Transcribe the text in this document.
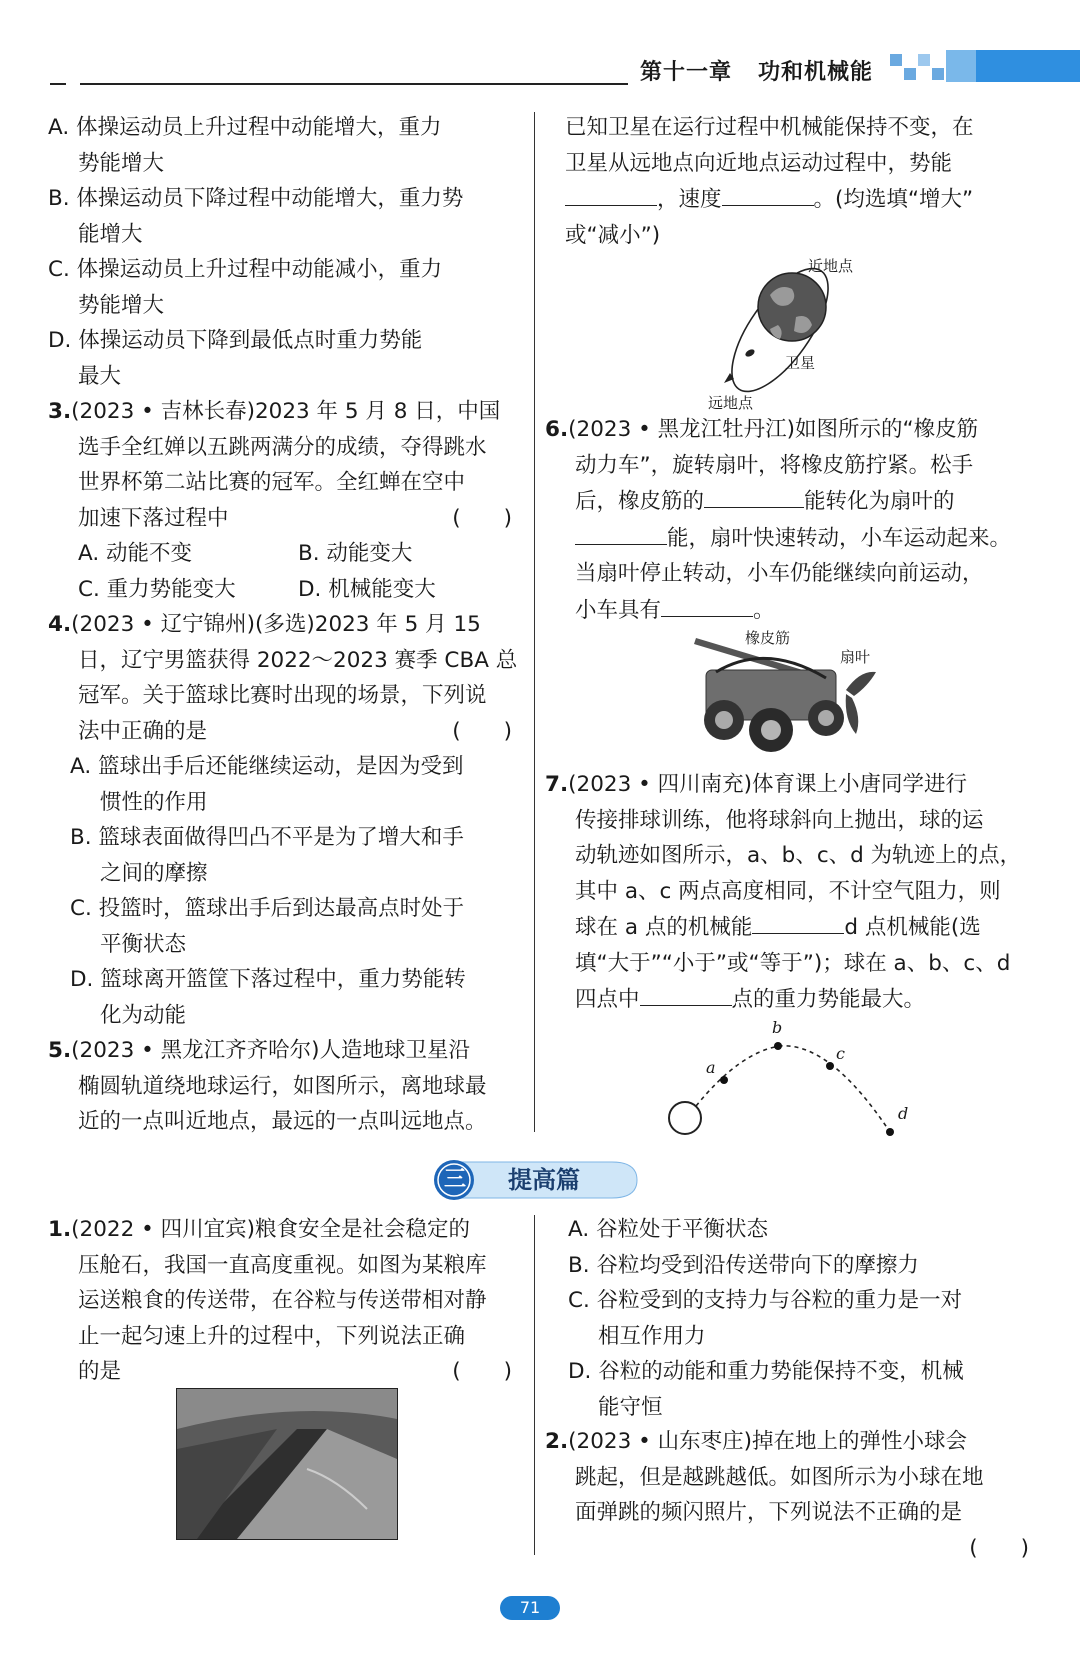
第十一章 功和机械能

A. 体操运动员上升过程中动能增大，重力

势能增大

B. 体操运动员下降过程中动能增大，重力势

能增大

C. 体操运动员上升过程中动能减小，重力

势能增大

D. 体操运动员下降到最低点时重力势能

最大

3.(2023 • 吉林长春)2023 年 5 月 8 日，中国

选手全红婵以五跳两满分的成绩，夺得跳水

世界杯第二站比赛的冠军。全红蝉在空中

加速下落过程中	(　　)

A. 动能不变	B. 动能变大

C. 重力势能变大	D. 机械能变大

4.(2023 • 辽宁锦州)(多选)2023 年 5 月 15

日，辽宁男篮获得 2022～2023 赛季 CBA 总

冠军。关于篮球比赛时出现的场景，下列说

法中正确的是	(　　)

A. 篮球出手后还能继续运动，是因为受到

惯性的作用

B. 篮球表面做得凹凸不平是为了增大和手

之间的摩擦

C. 投篮时，篮球出手后到达最高点时处于

平衡状态

D. 篮球离开篮筐下落过程中，重力势能转

化为动能

5.(2023 • 黑龙江齐齐哈尔)人造地球卫星沿

椭圆轨道绕地球运行，如图所示，离地球最

近的一点叫近地点，最远的一点叫远地点。

已知卫星在运行过程中机械能保持不变，在

卫星从远地点向近地点运动过程中，势能

，速度	。(均选填“增大”

或“减小”)

近地点
卫星
远地点

6.(2023 • 黑龙江牡丹江)如图所示的“橡皮筋

动力车”，旋转扇叶，将橡皮筋拧紧。松手

后，橡皮筋的	能转化为扇叶的

能，扇叶快速转动，小车运动起来。

当扇叶停止转动，小车仍能继续向前运动，

小车具有	。

橡皮筋
扇叶

7.(2023 • 四川南充)体育课上小唐同学进行

传接排球训练，他将球斜向上抛出，球的运

动轨迹如图所示，a、b、c、d 为轨迹上的点，

其中 a、c 两点高度相同，不计空气阻力，则

球在 a 点的机械能	d 点机械能(选

填“大于”“小于”或“等于”)；球在 a、b、c、d

四点中	点的重力势能最大。

a
b
c
d
三 提高篇

1.(2022 • 四川宜宾)粮食安全是社会稳定的

压舱石，我国一直高度重视。如图为某粮库

运送粮食的传送带，在谷粒与传送带相对静

止一起匀速上升的过程中，下列说法正确

的是	(　　)

A. 谷粒处于平衡状态

B. 谷粒均受到沿传送带向下的摩擦力

C. 谷粒受到的支持力与谷粒的重力是一对

相互作用力

D. 谷粒的动能和重力势能保持不变，机械

能守恒

2.(2023 • 山东枣庄)掉在地上的弹性小球会

跳起，但是越跳越低。如图所示为小球在地

面弹跳的频闪照片，下列说法不正确的是

(　　)

71
